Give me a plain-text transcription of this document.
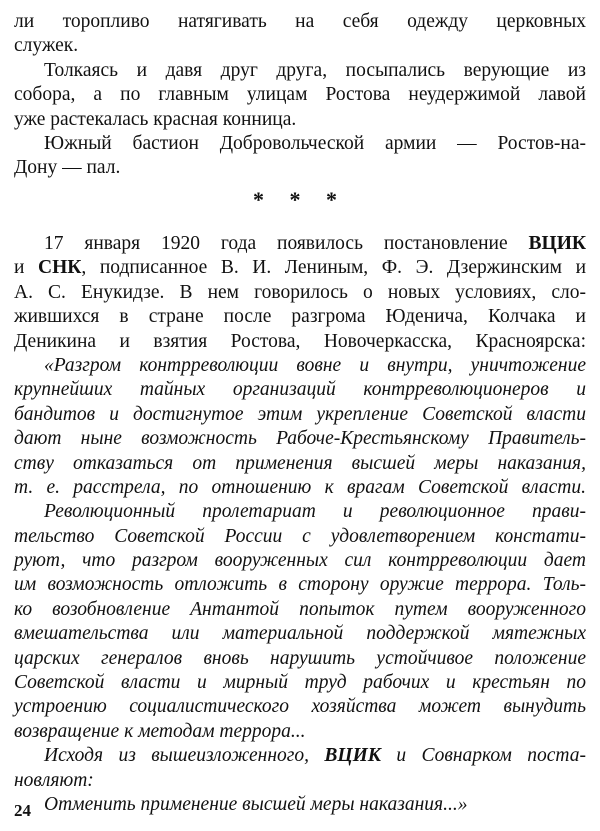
ли торопливо натягивать на себя одежду церковных
служек.
Толкаясь и давя друг друга, посыпались верующие из
собора, а по главным улицам Ростова неудержимой лавой
уже растекалась красная конница.
Южный бастион Добровольческой армии — Ростов-на-
Дону — пал.
* * *
17 января 1920 года появилось постановление ВЦИК
и СНК, подписанное В. И. Лениным, Ф. Э. Дзержинским и
А. С. Енукидзе. В нем говорилось о новых условиях, сло-
жившихся в стране после разгрома Юденича, Колчака и
Деникина и взятия Ростова, Новочеркасска, Красноярска:
«Разгром контрреволюции вовне и внутри, уничтожение
крупнейших тайных организаций контрреволюционеров и
бандитов и достигнутое этим укрепление Советской власти
дают ныне возможность Рабоче-Крестьянскому Правитель-
ству отказаться от применения высшей меры наказания,
т. е. расстрела, по отношению к врагам Советской власти.
Революционный пролетариат и революционное прави-
тельство Советской России с удовлетворением констати-
руют, что разгром вооруженных сил контрреволюции дает
им возможность отложить в сторону оружие террора. Толь-
ко возобновление Антантой попыток путем вооруженного
вмешательства или материальной поддержкой мятежных
царских генералов вновь нарушить устойчивое положение
Советской власти и мирный труд рабочих и крестьян по
устроению социалистического хозяйства может вынудить
возвращение к методам террора...
Исходя из вышеизложенного, ВЦИК и Совнарком поста-
новляют:
Отменить применение высшей меры наказания...»
24
